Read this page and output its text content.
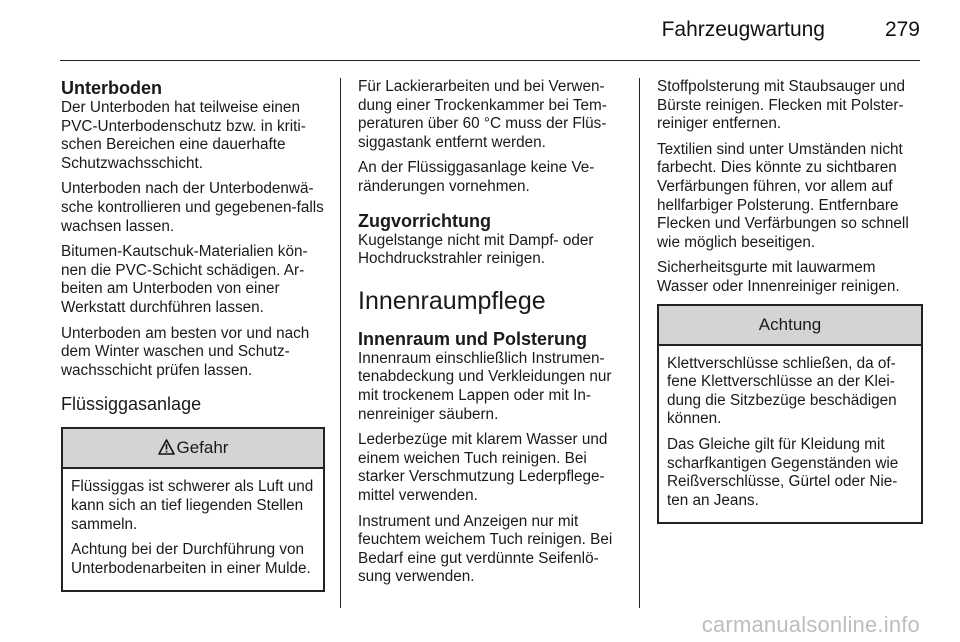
Fahrzeugwartung	279
Unterboden

Der Unterboden hat teilweise einen PVC-Unterbodenschutz bzw. in kriti-schen Bereichen eine dauerhafte Schutzwachsschicht.

Unterboden nach der Unterbodenwä-sche kontrollieren und gegebenen-falls wachsen lassen.

Bitumen-Kautschuk-Materialien kön-nen die PVC-Schicht schädigen. Ar-beiten am Unterboden von einer Werkstatt durchführen lassen.

Unterboden am besten vor und nach dem Winter waschen und Schutz-wachsschicht prüfen lassen.

Flüssiggasanlage
Gefahr

Flüssiggas ist schwerer als Luft und kann sich an tief liegenden Stellen sammeln.

Achtung bei der Durchführung von Unterbodenarbeiten in einer Mulde.

Für Lackierarbeiten und bei Verwen-dung einer Trockenkammer bei Tem-peraturen über 60 °C muss der Flüs-siggastank entfernt werden.

An der Flüssiggasanlage keine Ve-ränderungen vornehmen.

Zugvorrichtung

Kugelstange nicht mit Dampf- oder Hochdruckstrahler reinigen.

Innenraumpflege
Innenraum und Polsterung

Innenraum einschließlich Instrumen-tenabdeckung und Verkleidungen nur mit trockenem Lappen oder mit In-nenreiniger säubern.

Lederbezüge mit klarem Wasser und einem weichen Tuch reinigen. Bei starker Verschmutzung Lederpflege-mittel verwenden.

Instrument und Anzeigen nur mit feuchtem weichem Tuch reinigen. Bei Bedarf eine gut verdünnte Seifenlö-sung verwenden.

Stoffpolsterung mit Staubsauger und Bürste reinigen. Flecken mit Polster-reiniger entfernen.

Textilien sind unter Umständen nicht farbecht. Dies könnte zu sichtbaren Verfärbungen führen, vor allem auf hellfarbiger Polsterung. Entfernbare Flecken und Verfärbungen so schnell wie möglich beseitigen.

Sicherheitsgurte mit lauwarmem Wasser oder Innenreiniger reinigen.

Achtung

Klettverschlüsse schließen, da of-fene Klettverschlüsse an der Klei-dung die Sitzbezüge beschädigen können.

Das Gleiche gilt für Kleidung mit scharfkantigen Gegenständen wie Reißverschlüsse, Gürtel oder Nie-ten an Jeans.

carmanualsonline.info
